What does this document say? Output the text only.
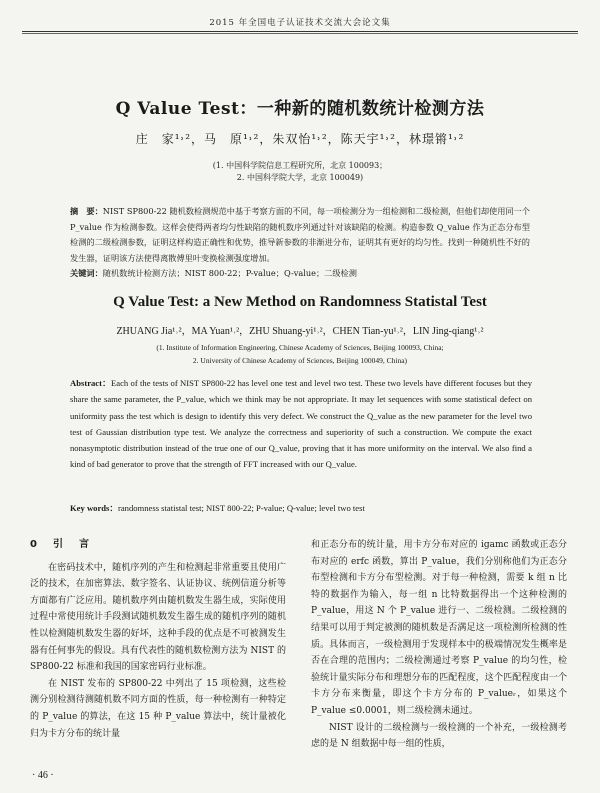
2015 年全国电子认证技术交流大会论文集
Q Value Test：一种新的随机数统计检测方法
庄　家¹˒²，马　原¹˒²，朱双怡¹˒²，陈天宇¹˒²，林璟锵¹˒²
(1. 中国科学院信息工程研究所，北京 100093；
2. 中国科学院大学，北京 100049)
摘　要：NIST SP800-22 随机数检测规范中基于考察方面的不同，每一项检测分为一组检测和二级检测，但他们却使用同一个 P_value 作为检测参数。这样会使得两者均匀性缺陷的随机数序列通过针对该缺陷的检测。构造参数 Q_value 作为正态分布型检测的二级检测参数，证明这样构造正确性和优势，推导新参数的非渐进分布，证明其有更好的均匀性。找到一种随机性不好的发生器，证明该方法使得离散傅里叶变换检测强度增加。
关键词：随机数统计检测方法；NIST 800-22；P-value；Q-value；二级检测
Q Value Test: a New Method on Randomness Statistal Test
ZHUANG Jia¹˒²，MA Yuan¹˒²，ZHU Shuang-yi¹˒²，CHEN Tian-yu¹˒²，LIN Jing-qiang¹˒²
(1. Institute of Information Engineering, Chinese Academy of Sciences, Beijing 100093, China;
2. University of Chinese Academy of Sciences, Beijing 100049, China)
Abstract：Each of the tests of NIST SP800-22 has level one test and level two test. These two levels have different focuses but they share the same parameter, the P_value, which we think may be not appropriate. It may let sequences with some statistical defect on uniformity pass the test which is design to identify this very defect. We construct the Q_value as the new parameter for the level two test of Gaussian distribution type test. We analyze the correctness and superiority of such a construction. We compute the exact nonasymptotic distribution instead of the true one of our Q_value, proving that it has more uniformity on the interval. We also find a kind of bad generator to prove that the strength of FFT increased with our Q_value.
Key words：randomness statistal test; NIST 800-22; P-value; Q-value; level two test
0　引　言

在密码技术中，随机序列的产生和检测起非常重要且使用广泛的技术，在加密算法、数字签名、认证协议、统例信道分析等方面都有广泛应用。随机数序列由随机数发生器生成，实际使用过程中常使用统计手段测试随机数发生器生成的随机序列的随机性以检测随机数发生器的好坏，这种手段的优点是不可被测发生器有任何事先的假设。具有代表性的随机数检测方法为 NIST 的 SP800-22 标准和我国的国家密码行业标准。

在 NIST 发布的 SP800-22 中列出了 15 项检测，这些检测分别检测待测随机数不同方面的性质，每一种检测有一种特定的 P_value 的算法，在这 15 种 P_value 算法中，统计量被化归为卡方分布的统计量

和正态分布的统计量，用卡方分布对应的 igamc 函数或正态分布对应的 erfc 函数，算出 P_value，我们分别称他们为正态分布型检测和卡方分布型检测。对于每一种检测，需要 k 组 n 比特的数据作为输入，每一组 n 比特数据得出一个这种检测的 P_value，用这 N 个 P_value 进行一、二级检测。二级检测的结果可以用于判定被测的随机数是否满足这一项检测所检测的性质。具体而言，一级检测用于发现样本中的极端情况发生概率是否在合理的范围内；二级检测通过考察 P_value 的均匀性，检验统计量实际分布和理想分布的匹配程度，这个匹配程度由一个卡方分布来衡量，即这个卡方分布的 P_valueᵣ，如果这个 P_value ≤0.0001，则二级检测未通过。

NIST 设计的二级检测与一级检测的一个补充，一级检测考虑的是 N 组数据中每一组的性质，

· 46 ·
